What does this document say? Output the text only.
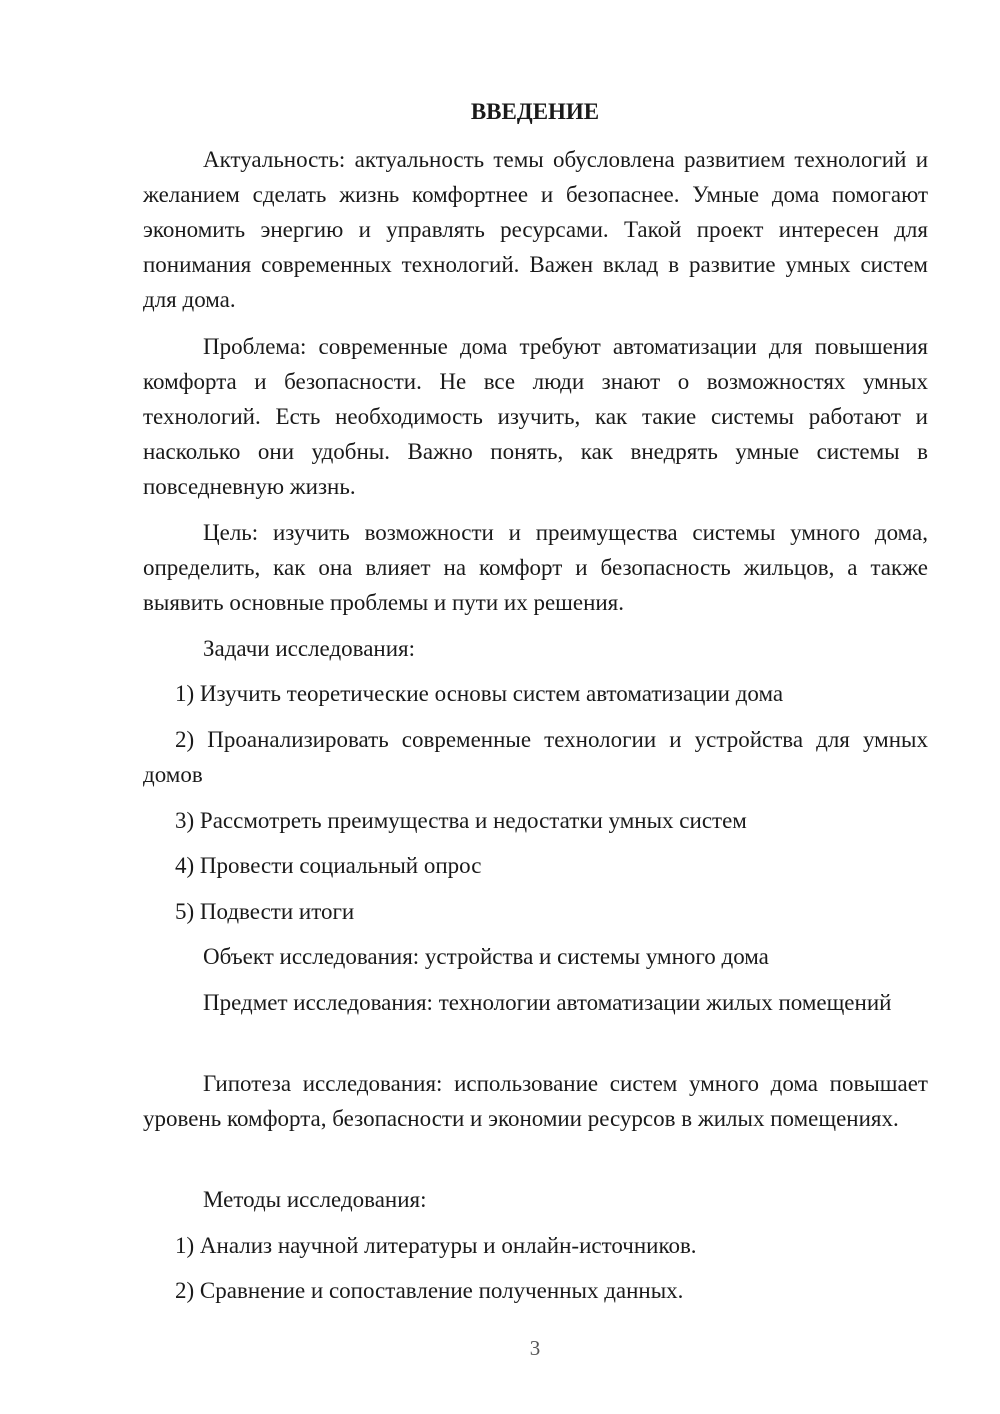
ВВЕДЕНИЕ

Актуальность: актуальность темы обусловлена развитием технологий и желанием сделать жизнь комфортнее и безопаснее. Умные дома помогают экономить энергию и управлять ресурсами. Такой проект интересен для понимания современных технологий. Важен вклад в развитие умных систем для дома.

Проблема: современные дома требуют автоматизации для повышения комфорта и безопасности. Не все люди знают о возможностях умных технологий. Есть необходимость изучить, как такие системы работают и насколько они удобны. Важно понять, как внедрять умные системы в повседневную жизнь.

Цель: изучить возможности и преимущества системы умного дома, определить, как она влияет на комфорт и безопасность жильцов, а также выявить основные проблемы и пути их решения.

Задачи исследования:

1) Изучить теоретические основы систем автоматизации дома

2) Проанализировать современные технологии и устройства для умных домов

3) Рассмотреть преимущества и недостатки умных систем

4) Провести социальный опрос

5) Подвести итоги

Объект исследования: устройства и системы умного дома

Предмет исследования: технологии автоматизации жилых помещений

Гипотеза исследования: использование систем умного дома повышает уровень комфорта, безопасности и экономии ресурсов в жилых помещениях.

Методы исследования:

1) Анализ научной литературы и онлайн-источников.

2) Сравнение и сопоставление полученных данных.

3
